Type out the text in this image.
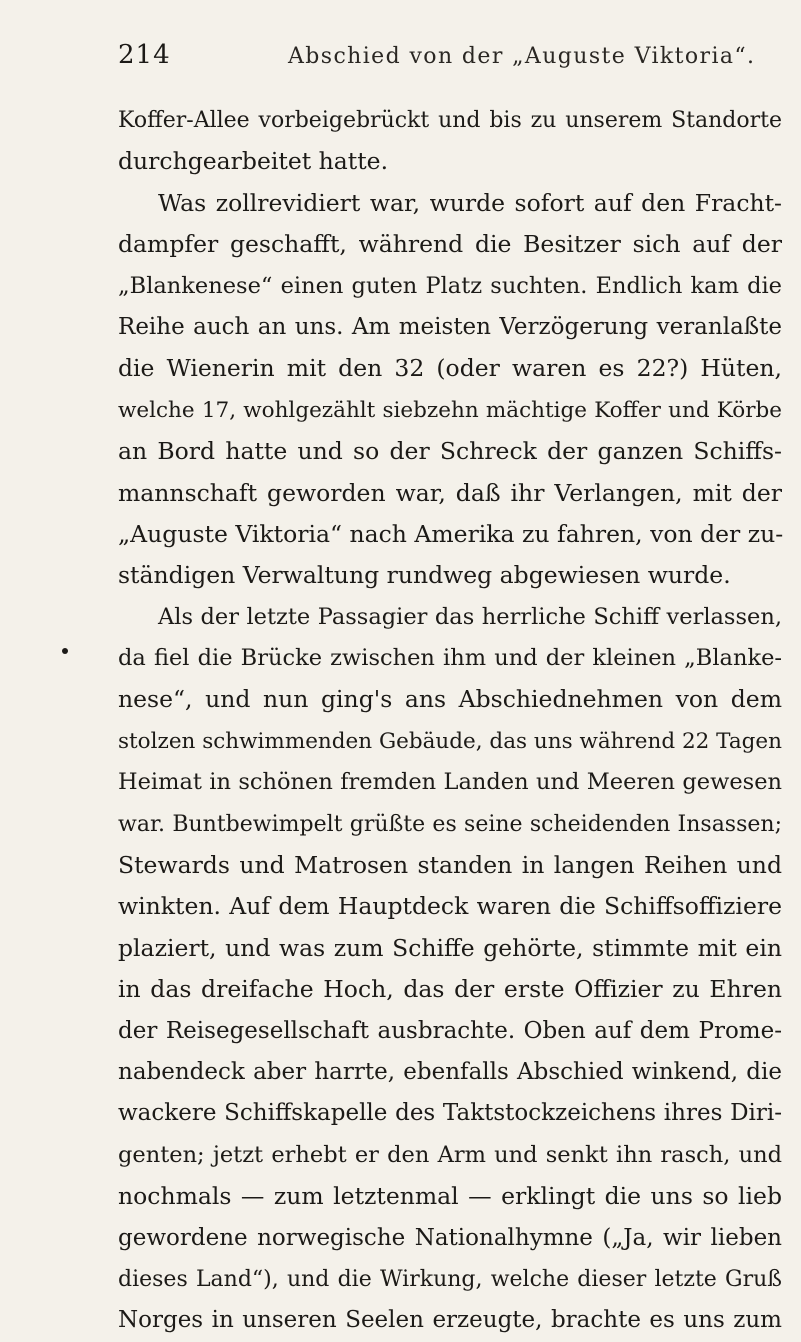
214	Abschied von der „Auguste Viktoria“.
Koffer-Allee vorbeigebrückt und bis zu unserem Standorte
durchgearbeitet hatte.
Was zollrevidiert war, wurde sofort auf den Fracht-
dampfer geschafft, während die Besitzer sich auf der
„Blankenese“ einen guten Platz suchten. Endlich kam die
Reihe auch an uns. Am meisten Verzögerung veranlaßte
die Wienerin mit den 32 (oder waren es 22?) Hüten,
welche 17, wohlgezählt siebzehn mächtige Koffer und Körbe
an Bord hatte und so der Schreck der ganzen Schiffs-
mannschaft geworden war, daß ihr Verlangen, mit der
„Auguste Viktoria“ nach Amerika zu fahren, von der zu-
ständigen Verwaltung rundweg abgewiesen wurde.
Als der letzte Passagier das herrliche Schiff verlassen,
da fiel die Brücke zwischen ihm und der kleinen „Blanke-
nese“, und nun ging's ans Abschiednehmen von dem
stolzen schwimmenden Gebäude, das uns während 22 Tagen
Heimat in schönen fremden Landen und Meeren gewesen
war. Buntbewimpelt grüßte es seine scheidenden Insassen;
Stewards und Matrosen standen in langen Reihen und
winkten. Auf dem Hauptdeck waren die Schiffsoffiziere
plaziert, und was zum Schiffe gehörte, stimmte mit ein
in das dreifache Hoch, das der erste Offizier zu Ehren
der Reisegesellschaft ausbrachte. Oben auf dem Prome-
nabendeck aber harrte, ebenfalls Abschied winkend, die
wackere Schiffskapelle des Taktstockzeichens ihres Diri-
genten; jetzt erhebt er den Arm und senkt ihn rasch, und
nochmals — zum letztenmal — erklingt die uns so lieb
gewordene norwegische Nationalhymne („Ja, wir lieben
dieses Land“), und die Wirkung, welche dieser letzte Gruß
Norges in unseren Seelen erzeugte, brachte es uns zum
